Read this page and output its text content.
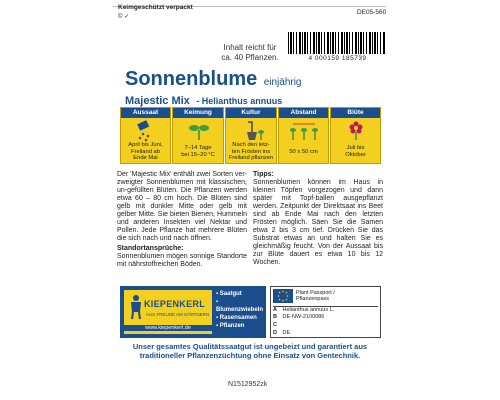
Keimgeschützt verpackt
© ✓
DE05-560
Inhalt reicht für
ca. 40 Pflanzen.	4 000159 185739
Sonnenblume einjährig
Majestic Mix - Helianthus annuus
Aussaat
April bis Juni,
Freiland ab
Ende Mai
Keimung
7–14 Tage
bei 15–20 °C
Kultur
Nach den letz-
ten Frösten ins
Freiland pflanzen
Abstand
50 x 50 cm
Blüte
Juli bis
Oktober
Der 'Majestic Mix' enthält zwei Sorten ver-zweigter Sonnenblumen mit klassischen, un-gefüllten Blüten. Die Pflanzen werden etwa 60 – 80 cm hoch. Die Blüten sind gelb mit dunkler Mitte oder gelb mit gelber Mitte. Sie bieten Bienen, Hummeln und anderen Insekten viel Nektar und Pollen. Jede Pflanze hat mehrere Blüten die sich nach und nach öffnen.
Standortansprüche:
Sonnenblumen mögen sonnige Standorte mit nährstoffreichen Böden.
Tipps:
Sonnenblumen können im Haus in kleinen Töpfen vorgezogen und dann später mit Topf-ballen ausgepflanzt werden. Zeitpunkt der Direktsaat ins Beet sind ab Ende Mai nach den letzten Frösten möglich. Säen Sie die Samen etwa 2 bis 3 cm tief. Drücken Sie das Substrat etwas an und halten Sie es gleichmäßig feucht. Von der Aussaat bis zur Blüte dauert es etwa 10 bis 12 Wochen.
KIEPENKERL
AUS FREUDE AM GÄRTNERN
www.kiepenkerl.de
▪ Saatgut
▪ Blumenzwiebeln
▪ Rasensamen
▪ Pflanzen
Plant Passport /
Pflanzenpass
A Helianthus annuus L.
B DE-NW-2100086
C
D DE
Unser gesamtes Qualitätssaatgut ist ungebeizt und garantiert aus
traditioneller Pflanzenzüchtung ohne Einsatz von Gentechnik.
N1512952zk
